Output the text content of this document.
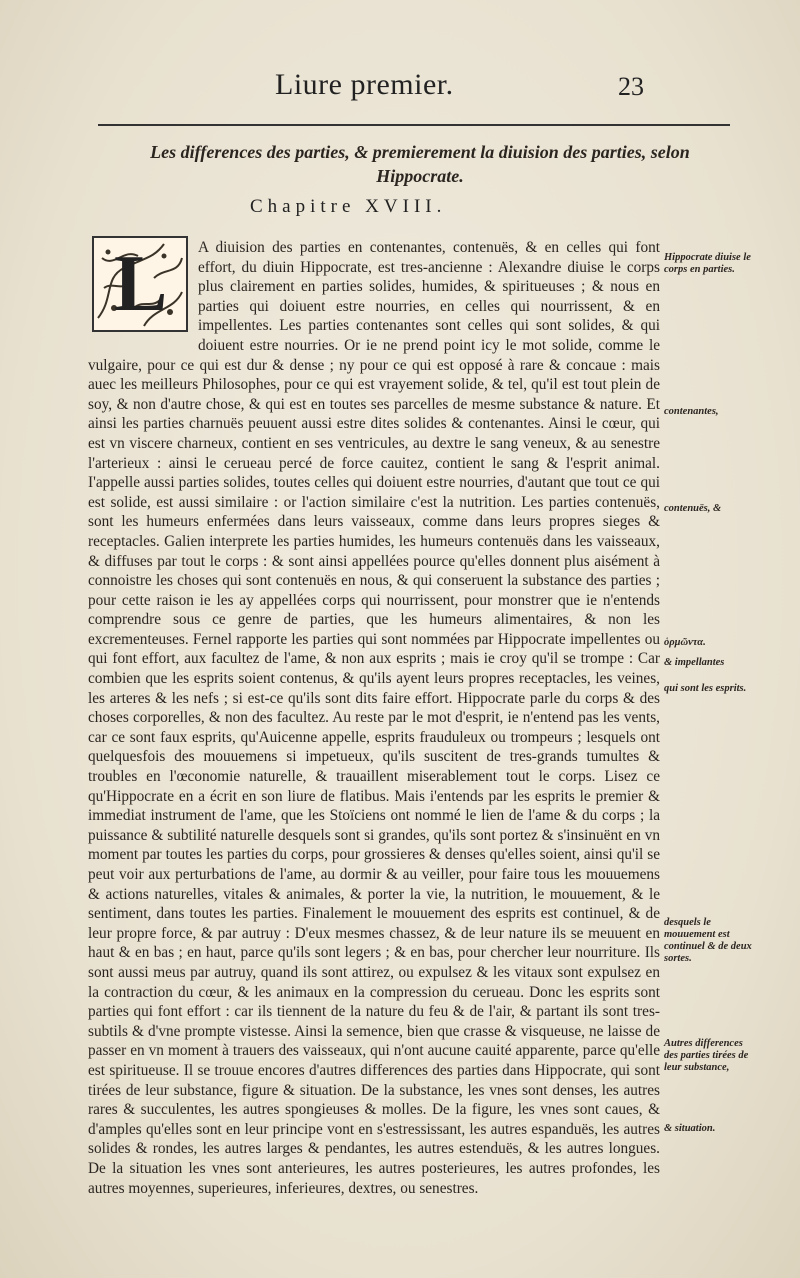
Liure premier.	23
Les differences des parties, & premierement la diuision des parties, selon Hippocrate.
Chapitre XVIII.
L	A diuision des parties en contenantes, contenuës, & en celles qui font effort, du diuin Hippocrate, est tres-ancienne : Alexandre diuise le corps plus clairement en parties solides, humides, & spiritueuses ; & nous en parties qui doiuent estre nourries, en celles qui nourrissent, & en impellentes. Les parties contenantes sont celles qui sont solides, & qui doiuent estre nourries. Or ie ne prend point icy le mot solide, comme le vulgaire, pour ce qui est dur & dense ; ny pour ce qui est opposé à rare & concaue : mais auec les meilleurs Philosophes, pour ce qui est vrayement solide, & tel, qu'il est tout plein de soy, & non d'autre chose, & qui est en toutes ses parcelles de mesme substance & nature. Et ainsi les parties charnuës peuuent aussi estre dites solides & contenantes. Ainsi le cœur, qui est vn viscere charneux, contient en ses ventricules, au dextre le sang veneux, & au senestre l'arterieux : ainsi le cerueau percé de force cauitez, contient le sang & l'esprit animal. I'appelle aussi parties solides, toutes celles qui doiuent estre nourries, d'autant que tout ce qui est solide, est aussi similaire : or l'action similaire c'est la nutrition. Les parties contenuës, sont les humeurs enfermées dans leurs vaisseaux, comme dans leurs propres sieges & receptacles. Galien interprete les parties humides, les humeurs contenuës dans les vaisseaux, & diffuses par tout le corps : & sont ainsi appellées pource qu'elles donnent plus aisément à connoistre les choses qui sont contenuës en nous, & qui conseruent la substance des parties ; pour cette raison ie les ay appellées corps qui nourrissent, pour monstrer que ie n'entends comprendre sous ce genre de parties, que les humeurs alimentaires, & non les excrementeuses. Fernel rapporte les parties qui sont nommées par Hippocrate impellentes ou qui font effort, aux facultez de l'ame, & non aux esprits ; mais ie croy qu'il se trompe : Car combien que les esprits soient contenus, & qu'ils ayent leurs propres receptacles, les veines, les arteres & les nefs ; si est-ce qu'ils sont dits faire effort. Hippocrate parle du corps & des choses corporelles, & non des facultez. Au reste par le mot d'esprit, ie n'entend pas les vents, car ce sont faux esprits, qu'Auicenne appelle, esprits frauduleux ou trompeurs ; lesquels ont quelquesfois des mouuemens si impetueux, qu'ils suscitent de tres-grands tumultes & troubles en l'œconomie naturelle, & trauaillent miserablement tout le corps. Lisez ce qu'Hippocrate en a écrit en son liure de flatibus. Mais i'entends par les esprits le premier & immediat instrument de l'ame, que les Stoïciens ont nommé le lien de l'ame & du corps ; la puissance & subtilité naturelle desquels sont si grandes, qu'ils sont portez & s'insinuënt en vn moment par toutes les parties du corps, pour grossieres & denses qu'elles soient, ainsi qu'il se peut voir aux perturbations de l'ame, au dormir & au veiller, pour faire tous les mouuemens & actions naturelles, vitales & animales, & porter la vie, la nutrition, le mouuement, & le sentiment, dans toutes les parties. Finalement le mouuement des esprits est continuel, & de leur propre force, & par autruy : D'eux mesmes chassez, & de leur nature ils se meuuent en haut & en bas ; en haut, parce qu'ils sont legers ; & en bas, pour chercher leur nourriture. Ils sont aussi meus par autruy, quand ils sont attirez, ou expulsez & les vitaux sont expulsez en la contraction du cœur, & les animaux en la compression du cerueau. Donc les esprits sont parties qui font effort : car ils tiennent de la nature du feu & de l'air, & partant ils sont tres-subtils & d'vne prompte vistesse. Ainsi la semence, bien que crasse & visqueuse, ne laisse de passer en vn moment à trauers des vaisseaux, qui n'ont aucune cauité apparente, parce qu'elle est spiritueuse. Il se trouue encores d'autres differences des parties dans Hippocrate, qui sont tirées de leur substance, figure & situation. De la substance, les vnes sont denses, les autres rares & succulentes, les autres spongieuses & molles. De la figure, les vnes sont caues, & d'amples qu'elles sont en leur principe vont en s'estressissant, les autres espanduës, les autres solides & rondes, les autres larges & pendantes, les autres estenduës, & les autres longues. De la situation les vnes sont anterieures, les autres posterieures, les autres profondes, les autres moyennes, superieures, inferieures, dextres, ou senestres.
Hippocrate diuise le corps en parties.
contenantes,
contenuës, &
ὁρμῶντα.
& impellantes
qui sont les esprits.
desquels le mouuement est continuel & de deux sortes.
Autres differences des parties tirées de leur substance,
& situation.
